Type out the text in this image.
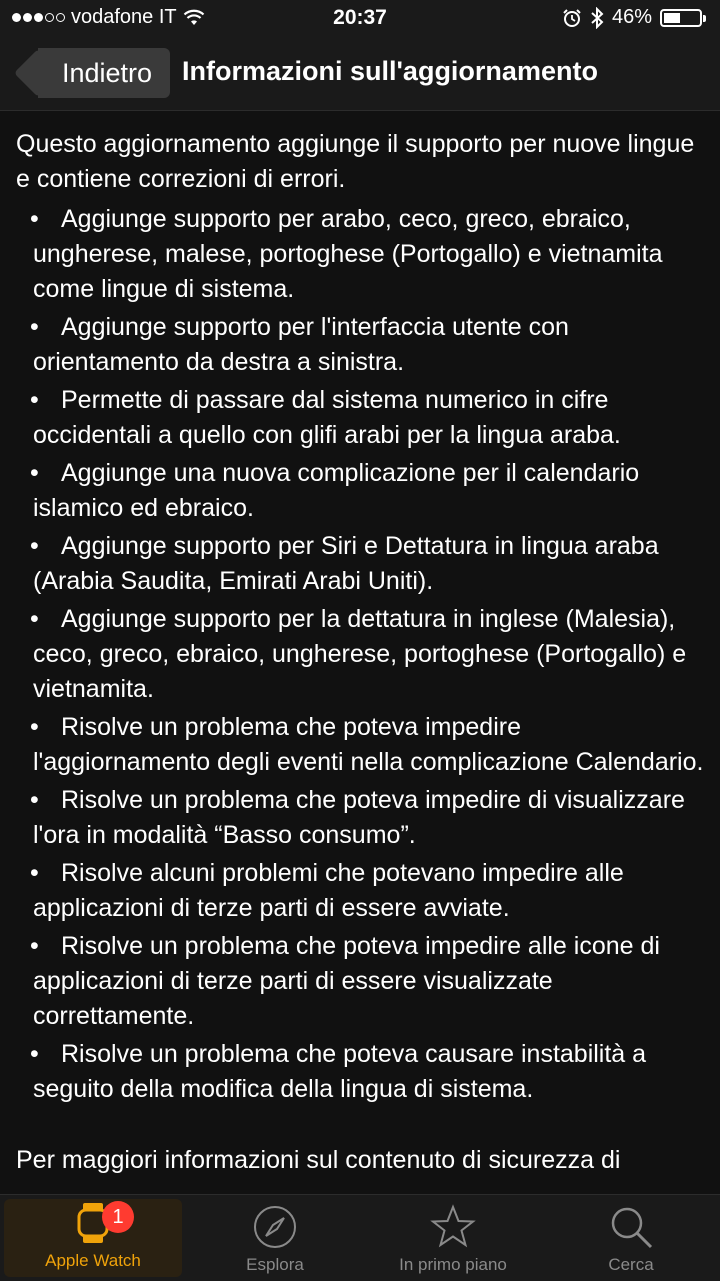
vodafone IT	20:37	46%
Indietro Informazioni sull'aggiornamento

Questo aggiornamento aggiunge il supporto per nuove lingue e contiene correzioni di errori.

• Aggiunge supporto per arabo, ceco, greco, ebraico, ungherese, malese, portoghese (Portogallo) e vietnamita come lingue di sistema.
• Aggiunge supporto per l'interfaccia utente con orientamento da destra a sinistra.
• Permette di passare dal sistema numerico in cifre occidentali a quello con glifi arabi per la lingua araba.
• Aggiunge una nuova complicazione per il calendario islamico ed ebraico.
• Aggiunge supporto per Siri e Dettatura in lingua araba (Arabia Saudita, Emirati Arabi Uniti).
• Aggiunge supporto per la dettatura in inglese (Malesia), ceco, greco, ebraico, ungherese, portoghese (Portogallo) e vietnamita.
• Risolve un problema che poteva impedire l'aggiornamento degli eventi nella complicazione Calendario.
• Risolve un problema che poteva impedire di visualizzare l'ora in modalità “Basso consumo”.
• Risolve alcuni problemi che potevano impedire alle applicazioni di terze parti di essere avviate.
• Risolve un problema che poteva impedire alle icone di applicazioni di terze parti di essere visualizzate correttamente.
• Risolve un problema che poteva causare instabilità a seguito della modifica della lingua di sistema.

Per maggiori informazioni sul contenuto di sicurezza di

1
Apple Watch	Esplora	In primo piano	Cerca
